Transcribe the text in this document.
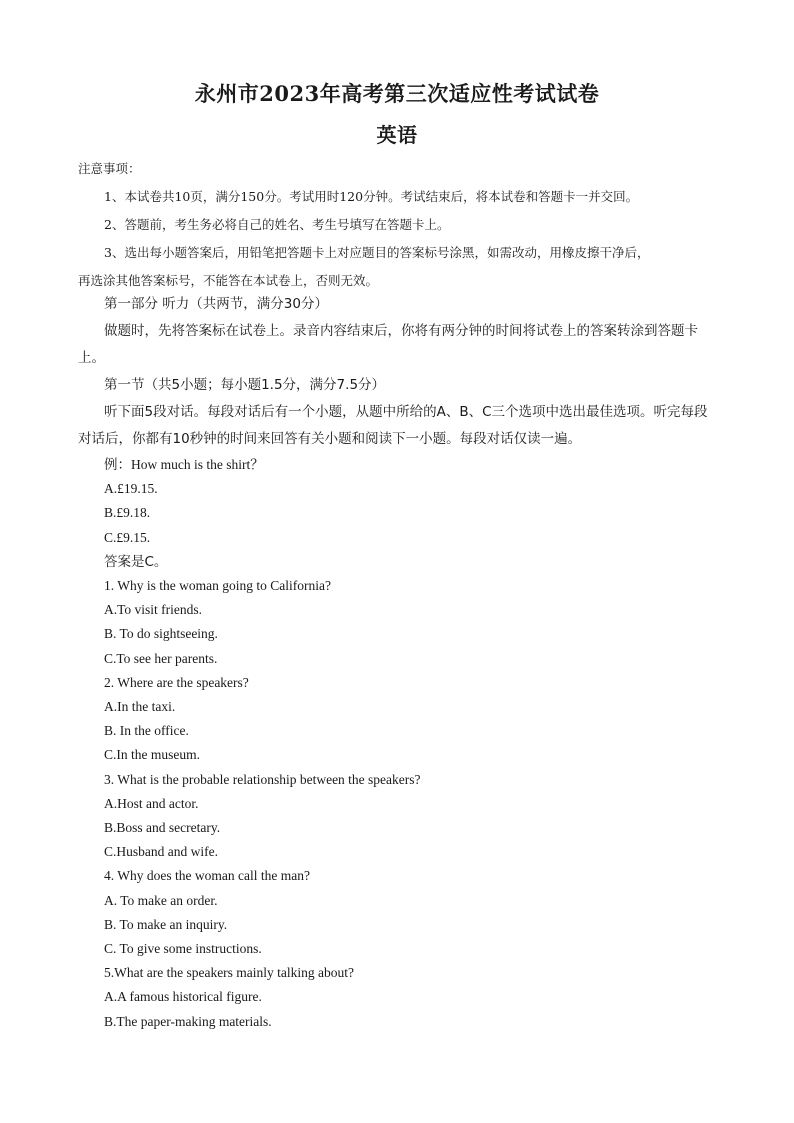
永州市2023年高考第三次适应性考试试卷
英语
注意事项：
1、本试卷共10页，满分150分。考试用时120分钟。考试结束后，将本试卷和答题卡一并交回。
2、答题前，考生务必将自己的姓名、考生号填写在答题卡上。
3、选出每小题答案后，用铅笔把答题卡上对应题目的答案标号涂黑，如需改动，用橡皮擦干净后，
再选涂其他答案标号，不能答在本试卷上，否则无效。
第一部分 听力（共两节，满分30分）
做题时，先将答案标在试卷上。录音内容结束后，你将有两分钟的时间将试卷上的答案转涂到答题卡上。
第一节（共5小题；每小题1.5分，满分7.5分）
听下面5段对话。每段对话后有一个小题，从题中所给的A、B、C三个选项中选出最佳选项。听完每段对话后，你都有10秒钟的时间来回答有关小题和阅读下一小题。每段对话仅读一遍。
例：How much is the shirt？
A.£19.15.
B.£9.18.
C.£9.15.
答案是C。
1. Why is the woman going to California?
A.To visit friends.
B. To do sightseeing.
C.To see her parents.
2. Where are the speakers?
A.In the taxi.
B. In the office.
C.In the museum.
3. What is the probable relationship between the speakers?
A.Host and actor.
B.Boss and secretary.
C.Husband and wife.
4. Why does the woman call the man?
A. To make an order.
B. To make an inquiry.
C. To give some instructions.
5.What are the speakers mainly talking about?
A.A famous historical figure.
B.The paper-making materials.
